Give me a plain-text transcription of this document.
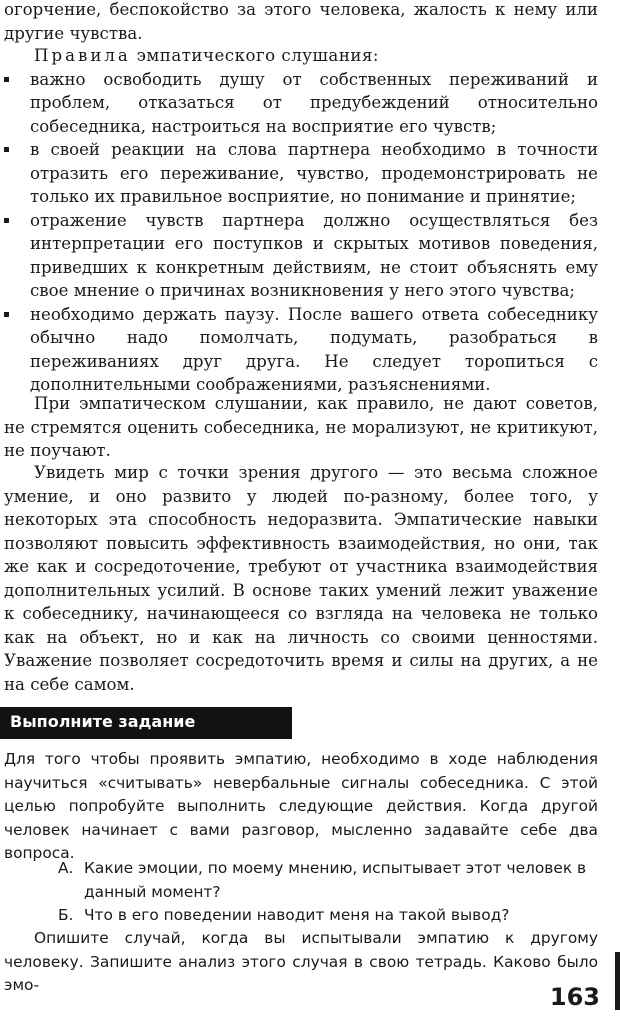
огорчение, беспокойство за этого человека, жалость к нему или

другие чувства.

Правила эмпатического слушания:

важно освободить душу от собственных переживаний и проблем, отказаться от предубеждений относительно собеседника, настроиться на восприятие его чувств;
в своей реакции на слова партнера необходимо в точности отразить его переживание, чувство, продемонстрировать не только их правильное восприятие, но понимание и принятие;
отражение чувств партнера должно осуществляться без интерпретации его поступков и скрытых мотивов поведения, приведших к конкретным действиям, не стоит объяснять ему свое мнение о причинах возникновения у него этого чувства;
необходимо держать паузу. После вашего ответа собеседнику обычно надо помолчать, подумать, разобраться в переживаниях друг друга. Не следует торопиться с дополнительными соображениями, разъяснениями.

При эмпатическом слушании, как правило, не дают советов, не стремятся оценить собеседника, не морализуют, не критикуют, не поучают.

Увидеть мир с точки зрения другого — это весьма сложное умение, и оно развито у людей по-разному, более того, у некоторых эта способность недоразвита. Эмпатические навыки позволяют повысить эффективность взаимодействия, но они, так же как и сосредоточение, требуют от участника взаимодействия дополнительных усилий. В основе таких умений лежит уважение к собеседнику, начинающееся со взгляда на человека не только как на объект, но и как на личность со своими ценностями. Уважение позволяет сосредоточить время и силы на других, а не на себе самом.

Выполните задание

Для того чтобы проявить эмпатию, необходимо в ходе наблюдения научиться «считывать» невербальные сигналы собеседника. С этой целью попробуйте выполнить следующие действия. Когда другой человек начинает с вами разговор, мысленно задавайте себе два вопроса.

А. Какие эмоции, по моему мнению, испытывает этот человек в
данный момент?
Б. Что в его поведении наводит меня на такой вывод?

Опишите случай, когда вы испытывали эмпатию к другому человеку. Запишите анализ этого случая в свою тетрадь. Каково было эмо-	163
